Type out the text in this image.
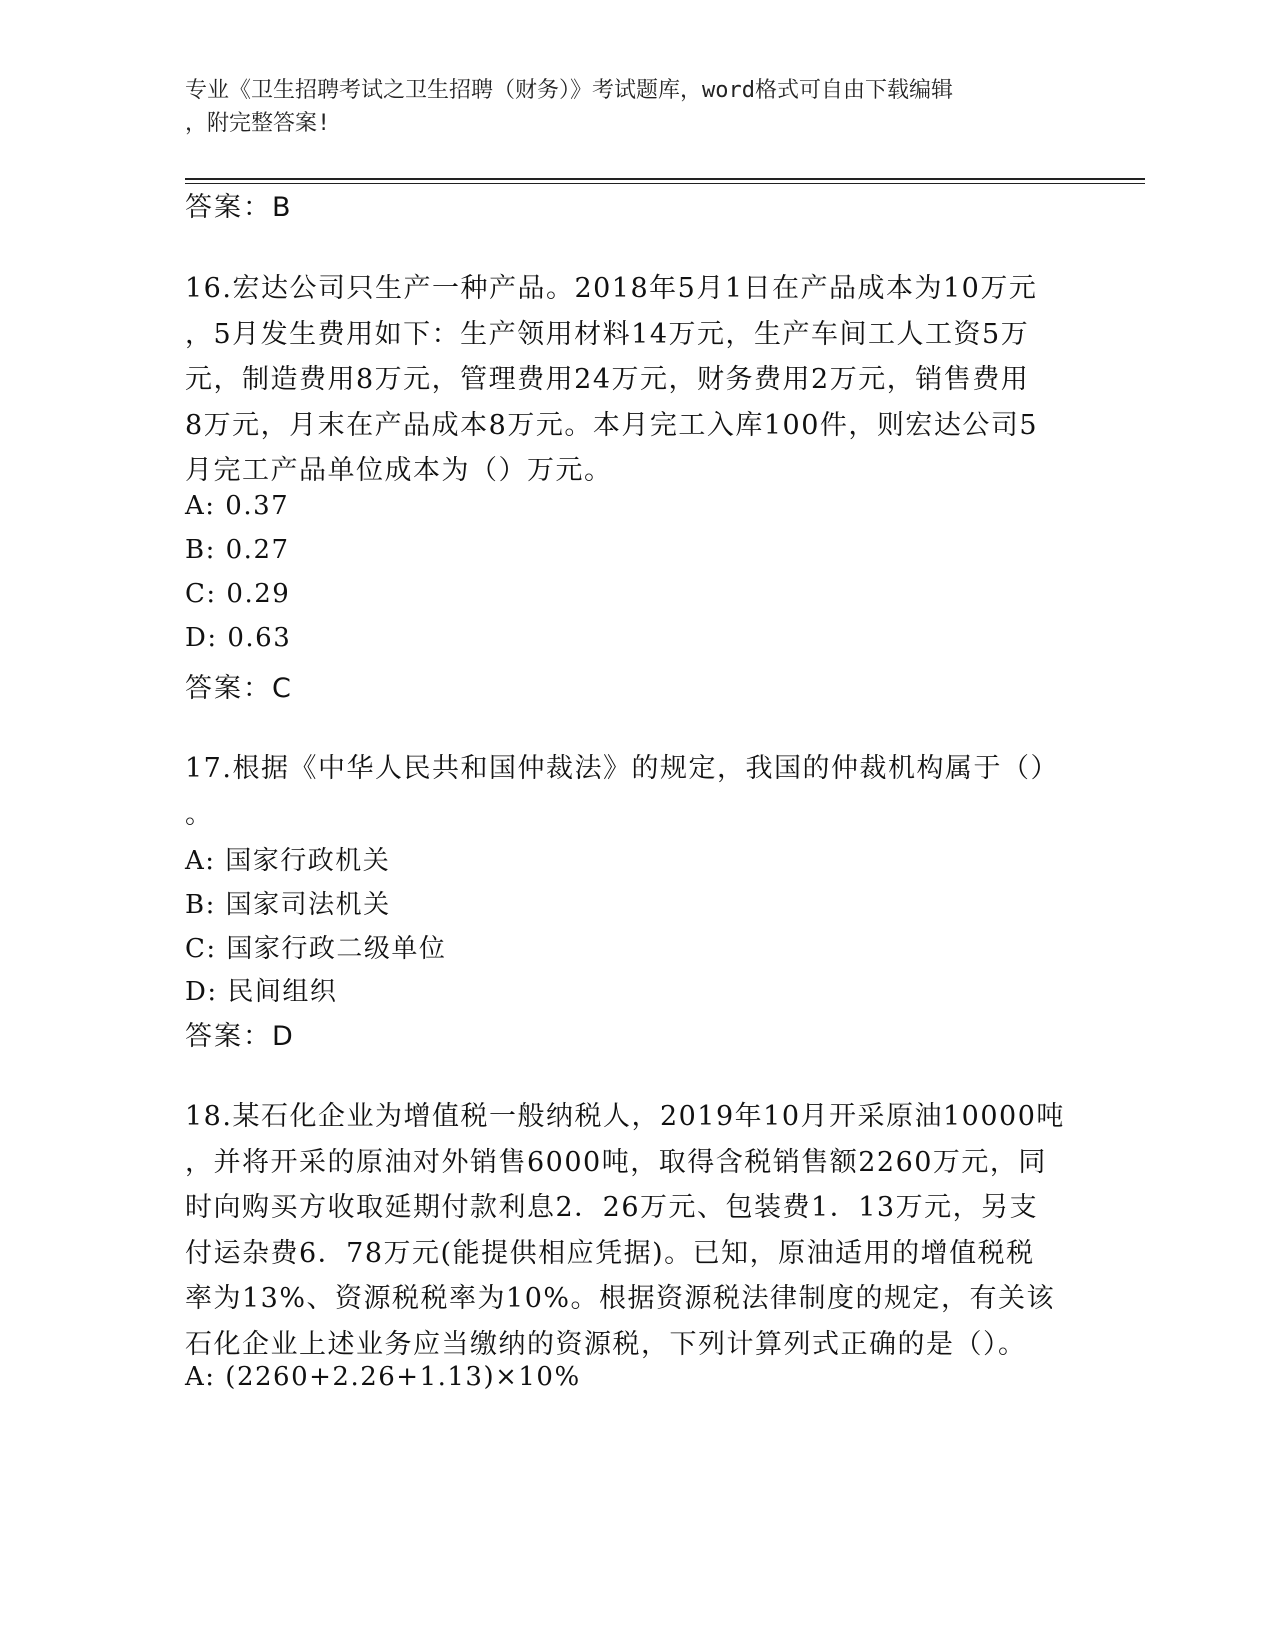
专业《卫生招聘考试之卫生招聘（财务）》考试题库，word格式可自由下载编辑
，附完整答案!
答案：B
16.宏达公司只生产一种产品。2018年5月1日在产品成本为10万元
，5月发生费用如下：生产领用材料14万元，生产车间工人工资5万
元，制造费用8万元，管理费用24万元，财务费用2万元，销售费用
8万元，月末在产品成本8万元。本月完工入库100件，则宏达公司5
月完工产品单位成本为（）万元。
A: 0.37
B: 0.27
C: 0.29
D: 0.63
答案：C
17.根据《中华人民共和国仲裁法》的规定，我国的仲裁机构属于（）
。
A: 国家行政机关
B: 国家司法机关
C: 国家行政二级单位
D: 民间组织
答案：D
18.某石化企业为增值税一般纳税人，2019年10月开采原油10000吨
，并将开采的原油对外销售6000吨，取得含税销售额2260万元，同
时向购买方收取延期付款利息2．26万元、包装费1．13万元，另支
付运杂费6．78万元(能提供相应凭据)。已知，原油适用的增值税税
率为13%、资源税税率为10%。根据资源税法律制度的规定，有关该
石化企业上述业务应当缴纳的资源税，下列计算列式正确的是（）。
A: (2260+2.26+1.13)×10%
